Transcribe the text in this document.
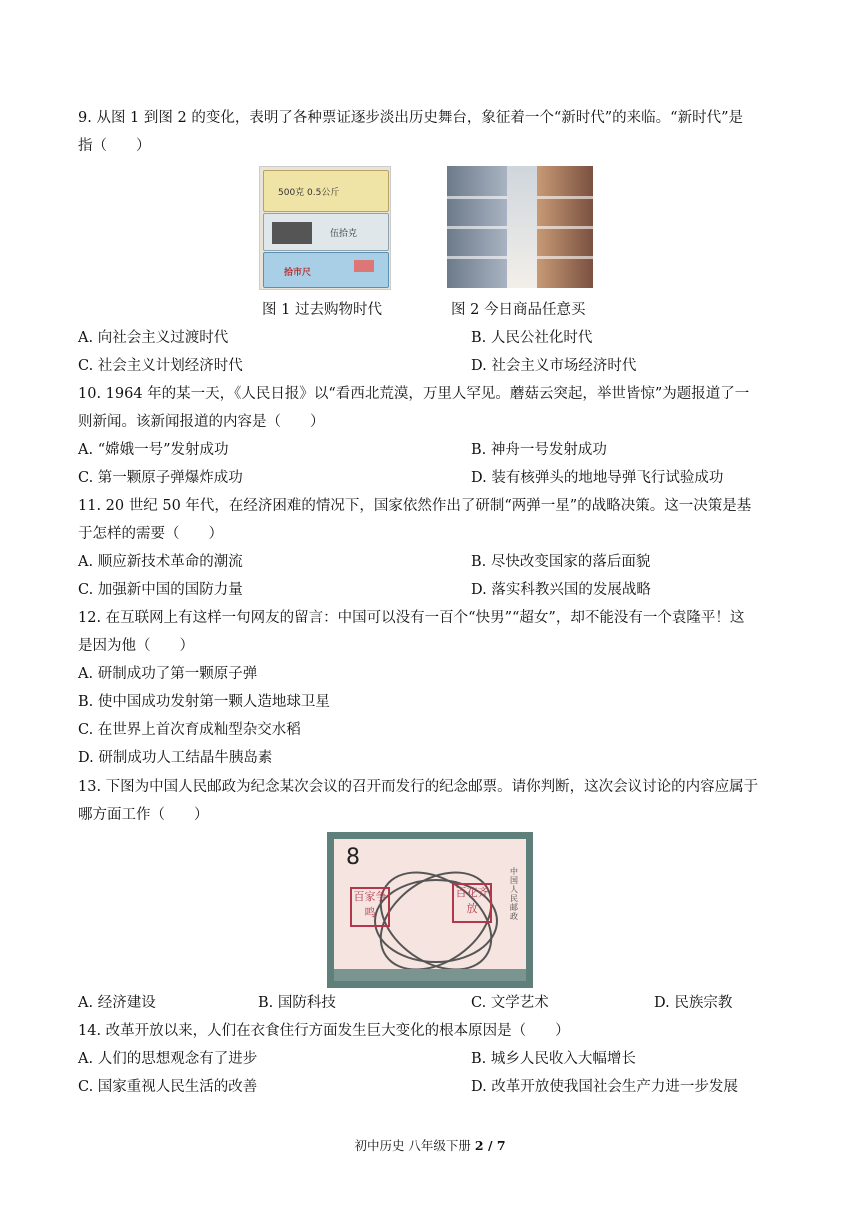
9. 从图 1 到图 2 的变化，表明了各种票证逐步淡出历史舞台，象征着一个“新时代”的来临。“新时代”是
指（　　）
500克 0.5公斤
伍拾克
拾市尺
图 1 过去购物时代	图 2 今日商品任意买
A. 向社会主义过渡时代	B. 人民公社化时代
C. 社会主义计划经济时代	D. 社会主义市场经济时代
10. 1964 年的某一天，《人民日报》以“看西北荒漠，万里人罕见。蘑菇云突起，举世皆惊”为题报道了一
则新闻。该新闻报道的内容是（　　）
A. “嫦娥一号”发射成功	B. 神舟一号发射成功
C. 第一颗原子弹爆炸成功	D. 装有核弹头的地地导弹飞行试验成功
11. 20 世纪 50 年代，在经济困难的情况下，国家依然作出了研制“两弹一星”的战略决策。这一决策是基
于怎样的需要（　　）
A. 顺应新技术革命的潮流	B. 尽快改变国家的落后面貌
C. 加强新中国的国防力量	D. 落实科教兴国的发展战略
12. 在互联网上有这样一句网友的留言：中国可以没有一百个“快男”“超女”，却不能没有一个袁隆平！这
是因为他（　　）
A. 研制成功了第一颗原子弹
B. 使中国成功发射第一颗人造地球卫星
C. 在世界上首次育成籼型杂交水稻
D. 研制成功人工结晶牛胰岛素
13. 下图为中国人民邮政为纪念某次会议的召开而发行的纪念邮票。请你判断，这次会议讨论的内容应属于
哪方面工作（　　）
8
百家争鸣
百花齐放
中国人民邮政
A. 经济建设	B. 国防科技	C. 文学艺术	D. 民族宗教
14. 改革开放以来，人们在衣食住行方面发生巨大变化的根本原因是（　　）
A. 人们的思想观念有了进步	B. 城乡人民收入大幅增长
C. 国家重视人民生活的改善	D. 改革开放使我国社会生产力进一步发展
初中历史 八年级下册 2 / 7
